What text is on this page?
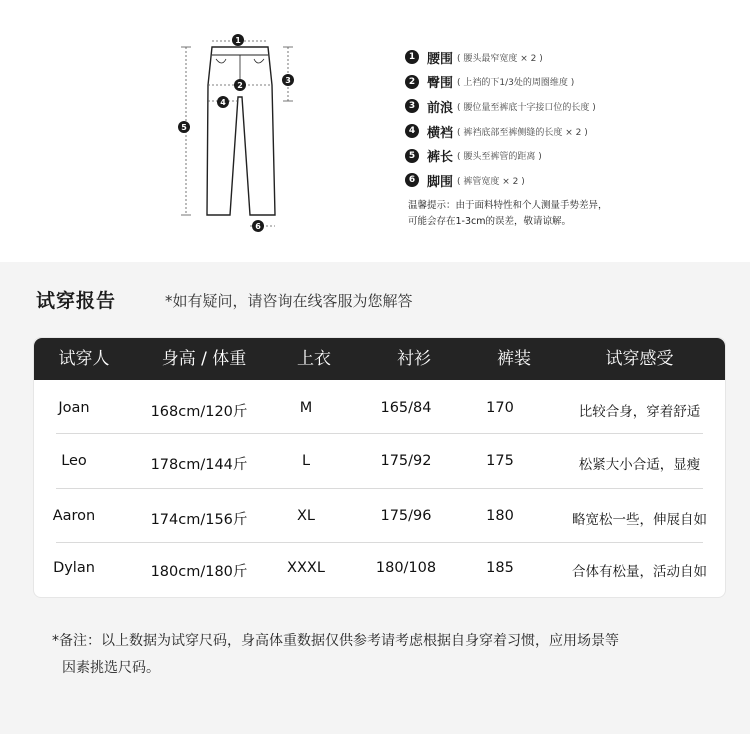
1
2
3
4
5
6
1 腰围 ( 腰头最窄宽度 × 2 )
2 臀围 ( 上裆的下1/3处的周圈维度 )
3 前浪 ( 腰位量至裤底十字接口位的长度 )
4 横裆 ( 裤裆底部至裤侧缝的长度 × 2 )
5 裤长 ( 腰头至裤管的距离 )
6 脚围 ( 裤管宽度 × 2 )
温馨提示：由于面料特性和个人测量手势差异，
可能会存在1-3cm的误差，敬请谅解。
试穿报告	*如有疑问，请咨询在线客服为您解答
试穿人	身高 / 体重	上衣	衬衫	裤装	试穿感受
Joan	168cm/120斤	M	165/84	170	比较合身，穿着舒适
Leo	178cm/144斤	L	175/92	175	松紧大小合适，显瘦
Aaron	174cm/156斤	XL	175/96	180	略宽松一些，伸展自如
Dylan	180cm/180斤	XXXL	180/108	185	合体有松量，活动自如
*备注：以上数据为试穿尺码，身高体重数据仅供参考请考虑根据自身穿着习惯，应用场景等
因素挑选尺码。
